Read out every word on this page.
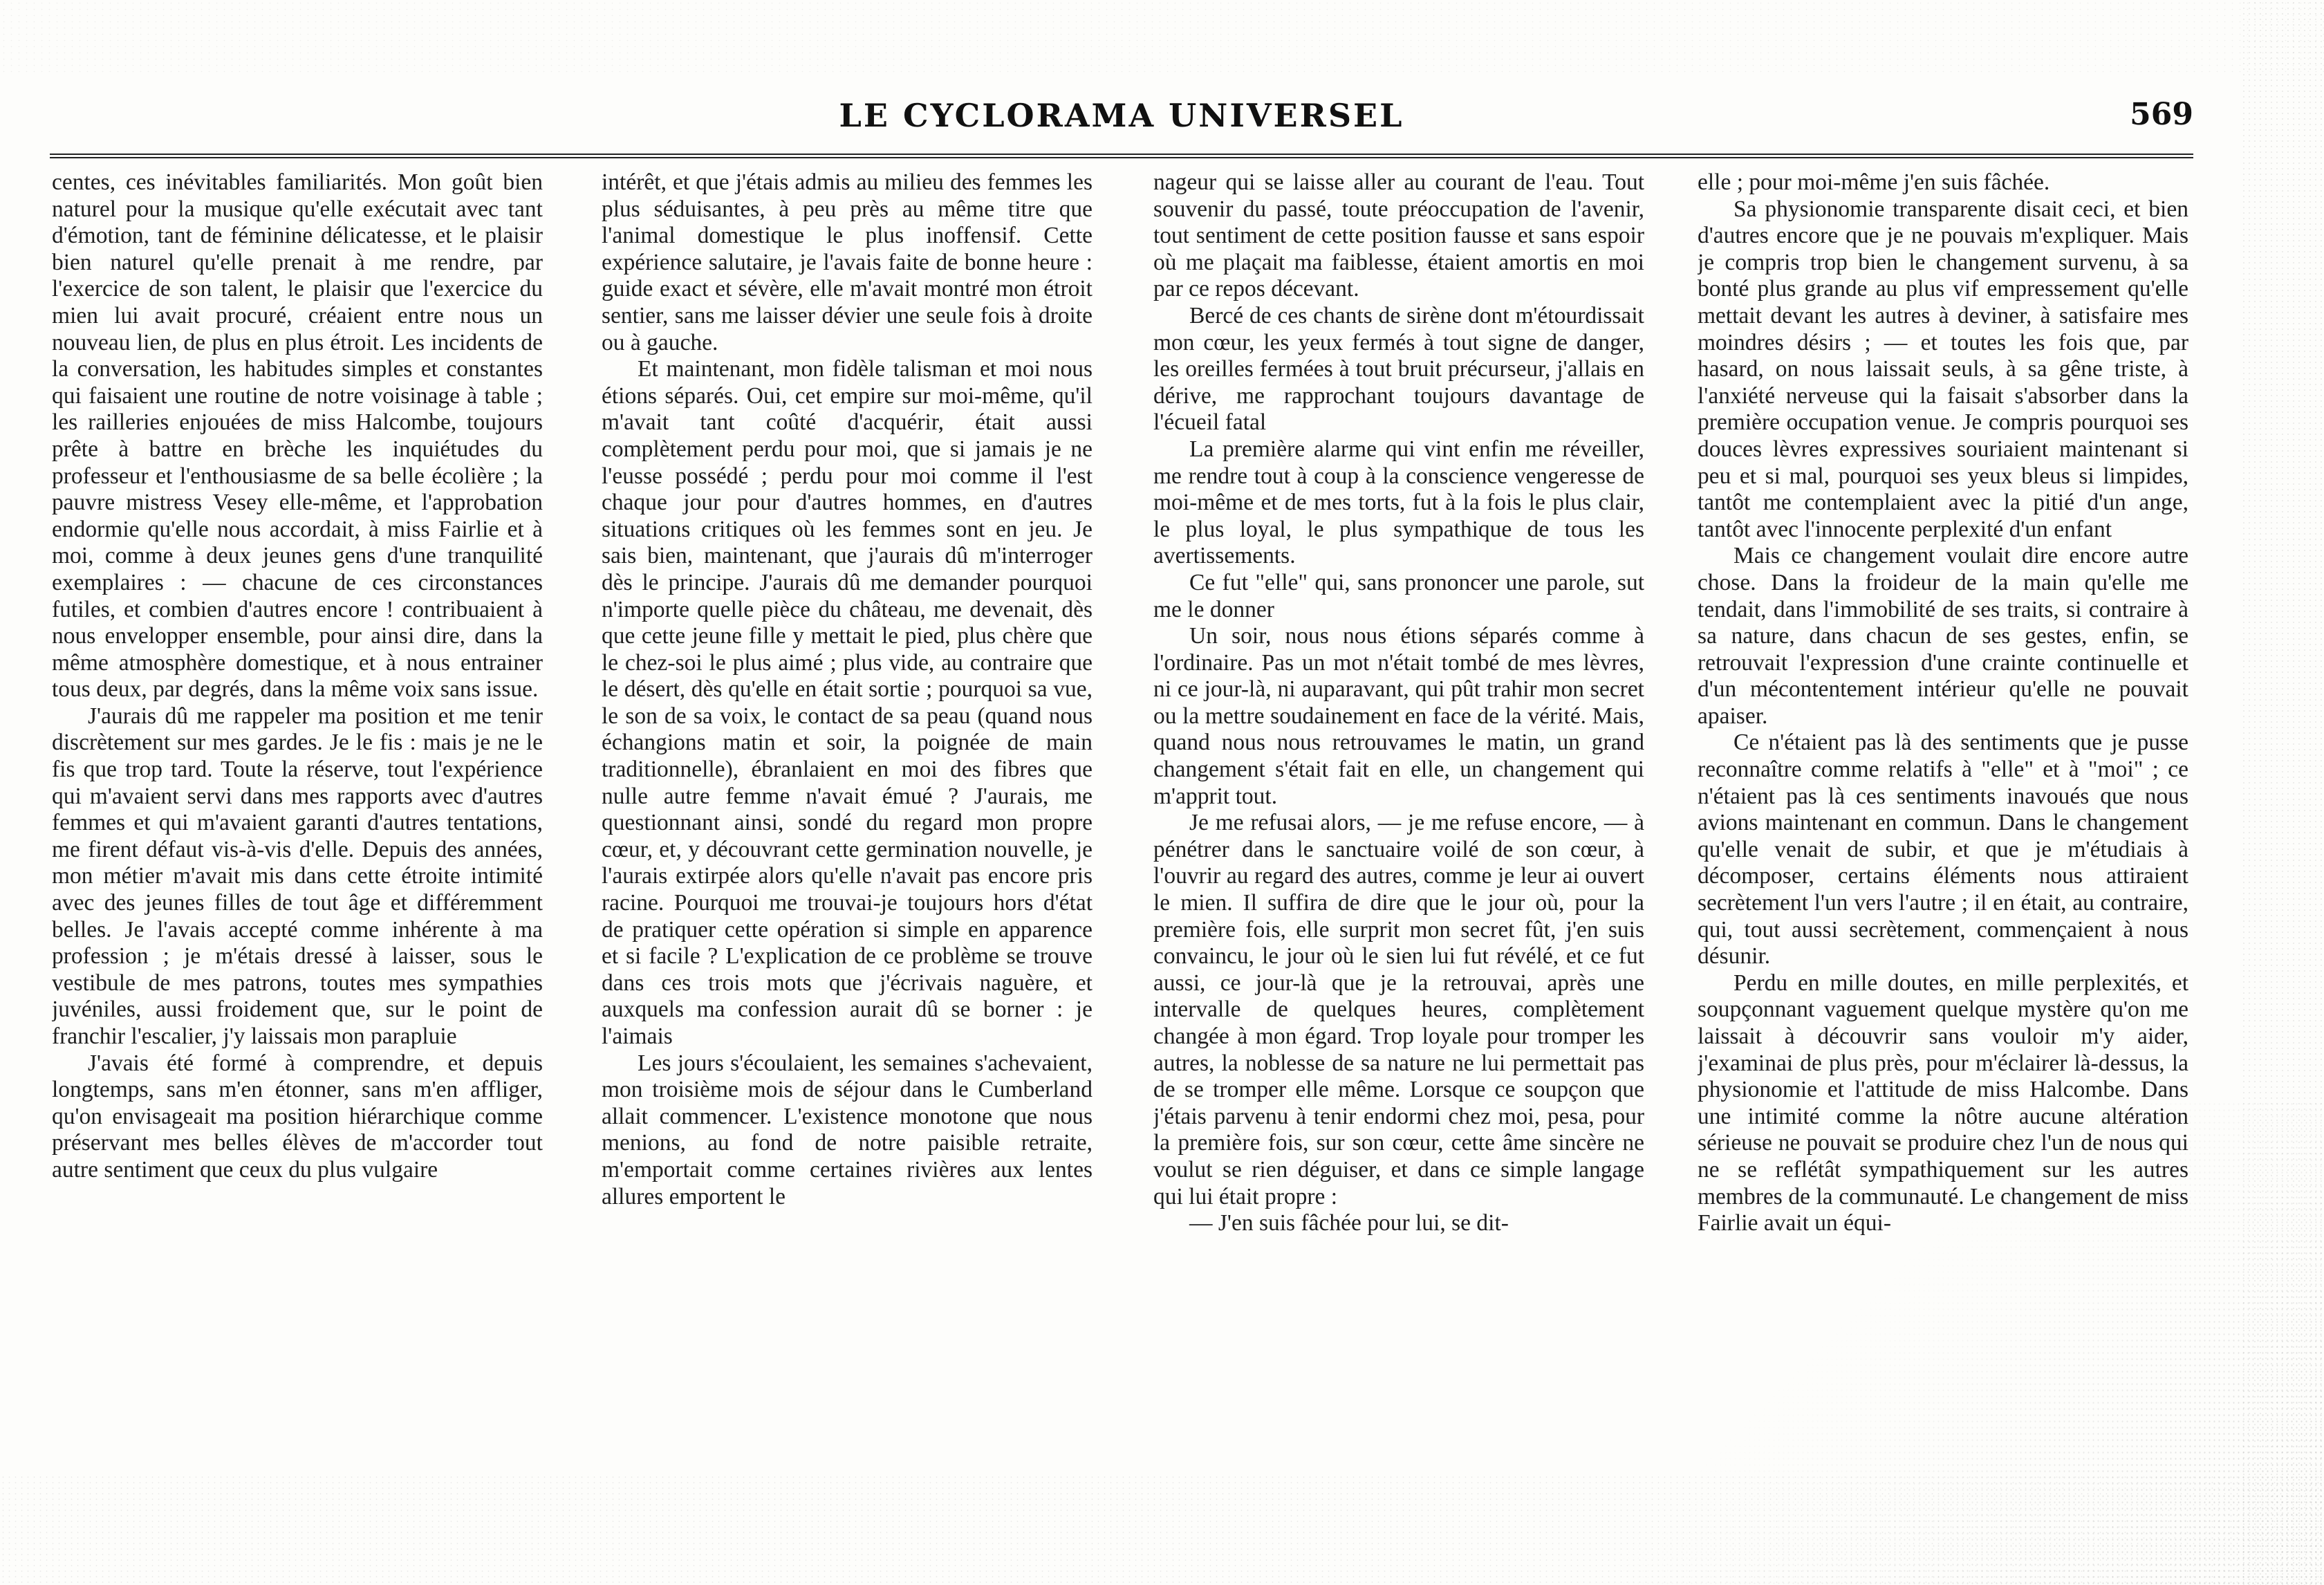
LE CYCLORAMA UNIVERSEL	569

centes, ces inévitables familiarités. Mon goût bien naturel pour la musique qu'elle exécutait avec tant d'émotion, tant de féminine délicatesse, et le plaisir bien naturel qu'elle prenait à me rendre, par l'exercice de son talent, le plaisir que l'exercice du mien lui avait procuré, créaient entre nous un nouveau lien, de plus en plus étroit. Les incidents de la conversation, les habitudes simples et constantes qui faisaient une routine de notre voisinage à table ; les railleries enjouées de miss Halcombe, toujours prête à battre en brèche les inquiétudes du professeur et l'enthousiasme de sa belle écolière ; la pauvre mistress Vesey elle-même, et l'approbation endormie qu'elle nous accordait, à miss Fairlie et à moi, comme à deux jeunes gens d'une tranquilité exemplaires : — chacune de ces circonstances futiles, et combien d'autres encore ! contribuaient à nous envelopper ensemble, pour ainsi dire, dans la même atmosphère domestique, et à nous entrainer tous deux, par degrés, dans la même voix sans issue.

J'aurais dû me rappeler ma position et me tenir discrètement sur mes gardes. Je le fis : mais je ne le fis que trop tard. Toute la réserve, tout l'expérience qui m'avaient servi dans mes rapports avec d'autres femmes et qui m'avaient garanti d'autres tentations, me firent défaut vis-à-vis d'elle. Depuis des années, mon métier m'avait mis dans cette étroite intimité avec des jeunes filles de tout âge et différemment belles. Je l'avais accepté comme inhérente à ma profession ; je m'étais dressé à laisser, sous le vestibule de mes patrons, toutes mes sympathies juvéniles, aussi froidement que, sur le point de franchir l'escalier, j'y laissais mon parapluie

J'avais été formé à comprendre, et depuis longtemps, sans m'en étonner, sans m'en affliger, qu'on envisageait ma position hiérarchique comme préservant mes belles élèves de m'accorder tout autre sentiment que ceux du plus vulgaire

intérêt, et que j'étais admis au milieu des femmes les plus séduisantes, à peu près au même titre que l'animal domestique le plus inoffensif. Cette expérience salutaire, je l'avais faite de bonne heure : guide exact et sévère, elle m'avait montré mon étroit sentier, sans me laisser dévier une seule fois à droite ou à gauche.

Et maintenant, mon fidèle talisman et moi nous étions séparés. Oui, cet empire sur moi-même, qu'il m'avait tant coûté d'acquérir, était aussi complètement perdu pour moi, que si jamais je ne l'eusse possédé ; perdu pour moi comme il l'est chaque jour pour d'autres hommes, en d'autres situations critiques où les femmes sont en jeu. Je sais bien, maintenant, que j'aurais dû m'interroger dès le principe. J'aurais dû me demander pourquoi n'importe quelle pièce du château, me devenait, dès que cette jeune fille y mettait le pied, plus chère que le chez-soi le plus aimé ; plus vide, au contraire que le désert, dès qu'elle en était sortie ; pourquoi sa vue, le son de sa voix, le contact de sa peau (quand nous échangions matin et soir, la poignée de main traditionnelle), ébranlaient en moi des fibres que nulle autre femme n'avait émué ? J'aurais, me questionnant ainsi, sondé du regard mon propre cœur, et, y découvrant cette germination nouvelle, je l'aurais extirpée alors qu'elle n'avait pas encore pris racine. Pourquoi me trouvai-je toujours hors d'état de pratiquer cette opération si simple en apparence et si facile ? L'explication de ce problème se trouve dans ces trois mots que j'écrivais naguère, et auxquels ma confession aurait dû se borner : je l'aimais

Les jours s'écoulaient, les semaines s'achevaient, mon troisième mois de séjour dans le Cumberland allait commencer. L'existence monotone que nous menions, au fond de notre paisible retraite, m'emportait comme certaines rivières aux lentes allures emportent le

nageur qui se laisse aller au courant de l'eau. Tout souvenir du passé, toute préoccupation de l'avenir, tout sentiment de cette position fausse et sans espoir où me plaçait ma faiblesse, étaient amortis en moi par ce repos décevant.

Bercé de ces chants de sirène dont m'étourdissait mon cœur, les yeux fermés à tout signe de danger, les oreilles fermées à tout bruit précurseur, j'allais en dérive, me rapprochant toujours davantage de l'écueil fatal

La première alarme qui vint enfin me réveiller, me rendre tout à coup à la conscience vengeresse de moi-même et de mes torts, fut à la fois le plus clair, le plus loyal, le plus sympathique de tous les avertissements.

Ce fut "elle" qui, sans prononcer une parole, sut me le donner

Un soir, nous nous étions séparés comme à l'ordinaire. Pas un mot n'était tombé de mes lèvres, ni ce jour-là, ni auparavant, qui pût trahir mon secret ou la mettre soudainement en face de la vérité. Mais, quand nous nous retrouvames le matin, un grand changement s'était fait en elle, un changement qui m'apprit tout.

Je me refusai alors, — je me refuse encore, — à pénétrer dans le sanctuaire voilé de son cœur, à l'ouvrir au regard des autres, comme je leur ai ouvert le mien. Il suffira de dire que le jour où, pour la première fois, elle surprit mon secret fût, j'en suis convaincu, le jour où le sien lui fut révélé, et ce fut aussi, ce jour-là que je la retrouvai, après une intervalle de quelques heures, complètement changée à mon égard. Trop loyale pour tromper les autres, la noblesse de sa nature ne lui permettait pas de se tromper elle même. Lorsque ce soupçon que j'étais parvenu à tenir endormi chez moi, pesa, pour la première fois, sur son cœur, cette âme sincère ne voulut se rien déguiser, et dans ce simple langage qui lui était propre :

— J'en suis fâchée pour lui, se dit-

elle ; pour moi-même j'en suis fâchée.

Sa physionomie transparente disait ceci, et bien d'autres encore que je ne pouvais m'expliquer. Mais je compris trop bien le changement survenu, à sa bonté plus grande au plus vif empressement qu'elle mettait devant les autres à deviner, à satisfaire mes moindres désirs ; — et toutes les fois que, par hasard, on nous laissait seuls, à sa gêne triste, à l'anxiété nerveuse qui la faisait s'absorber dans la première occupation venue. Je compris pourquoi ses douces lèvres expressives souriaient maintenant si peu et si mal, pourquoi ses yeux bleus si limpides, tantôt me contemplaient avec la pitié d'un ange, tantôt avec l'innocente perplexité d'un enfant

Mais ce changement voulait dire encore autre chose. Dans la froideur de la main qu'elle me tendait, dans l'immobilité de ses traits, si contraire à sa nature, dans chacun de ses gestes, enfin, se retrouvait l'expression d'une crainte continuelle et d'un mécontentement intérieur qu'elle ne pouvait apaiser.

Ce n'étaient pas là des sentiments que je pusse reconnaître comme relatifs à "elle" et à "moi" ; ce n'étaient pas là ces sentiments inavoués que nous avions maintenant en commun. Dans le changement qu'elle venait de subir, et que je m'étudiais à décomposer, certains éléments nous attiraient secrètement l'un vers l'autre ; il en était, au contraire, qui, tout aussi secrètement, commençaient à nous désunir.

Perdu en mille doutes, en mille perplexités, et soupçonnant vaguement quelque mystère qu'on me laissait à découvrir sans vouloir m'y aider, j'examinai de plus près, pour m'éclairer là-dessus, la physionomie et l'attitude de miss Halcombe. Dans une intimité comme la nôtre aucune altération sérieuse ne pouvait se produire chez l'un de nous qui ne se reflétât sympathiquement sur les autres membres de la communauté. Le changement de miss Fairlie avait un équi-
